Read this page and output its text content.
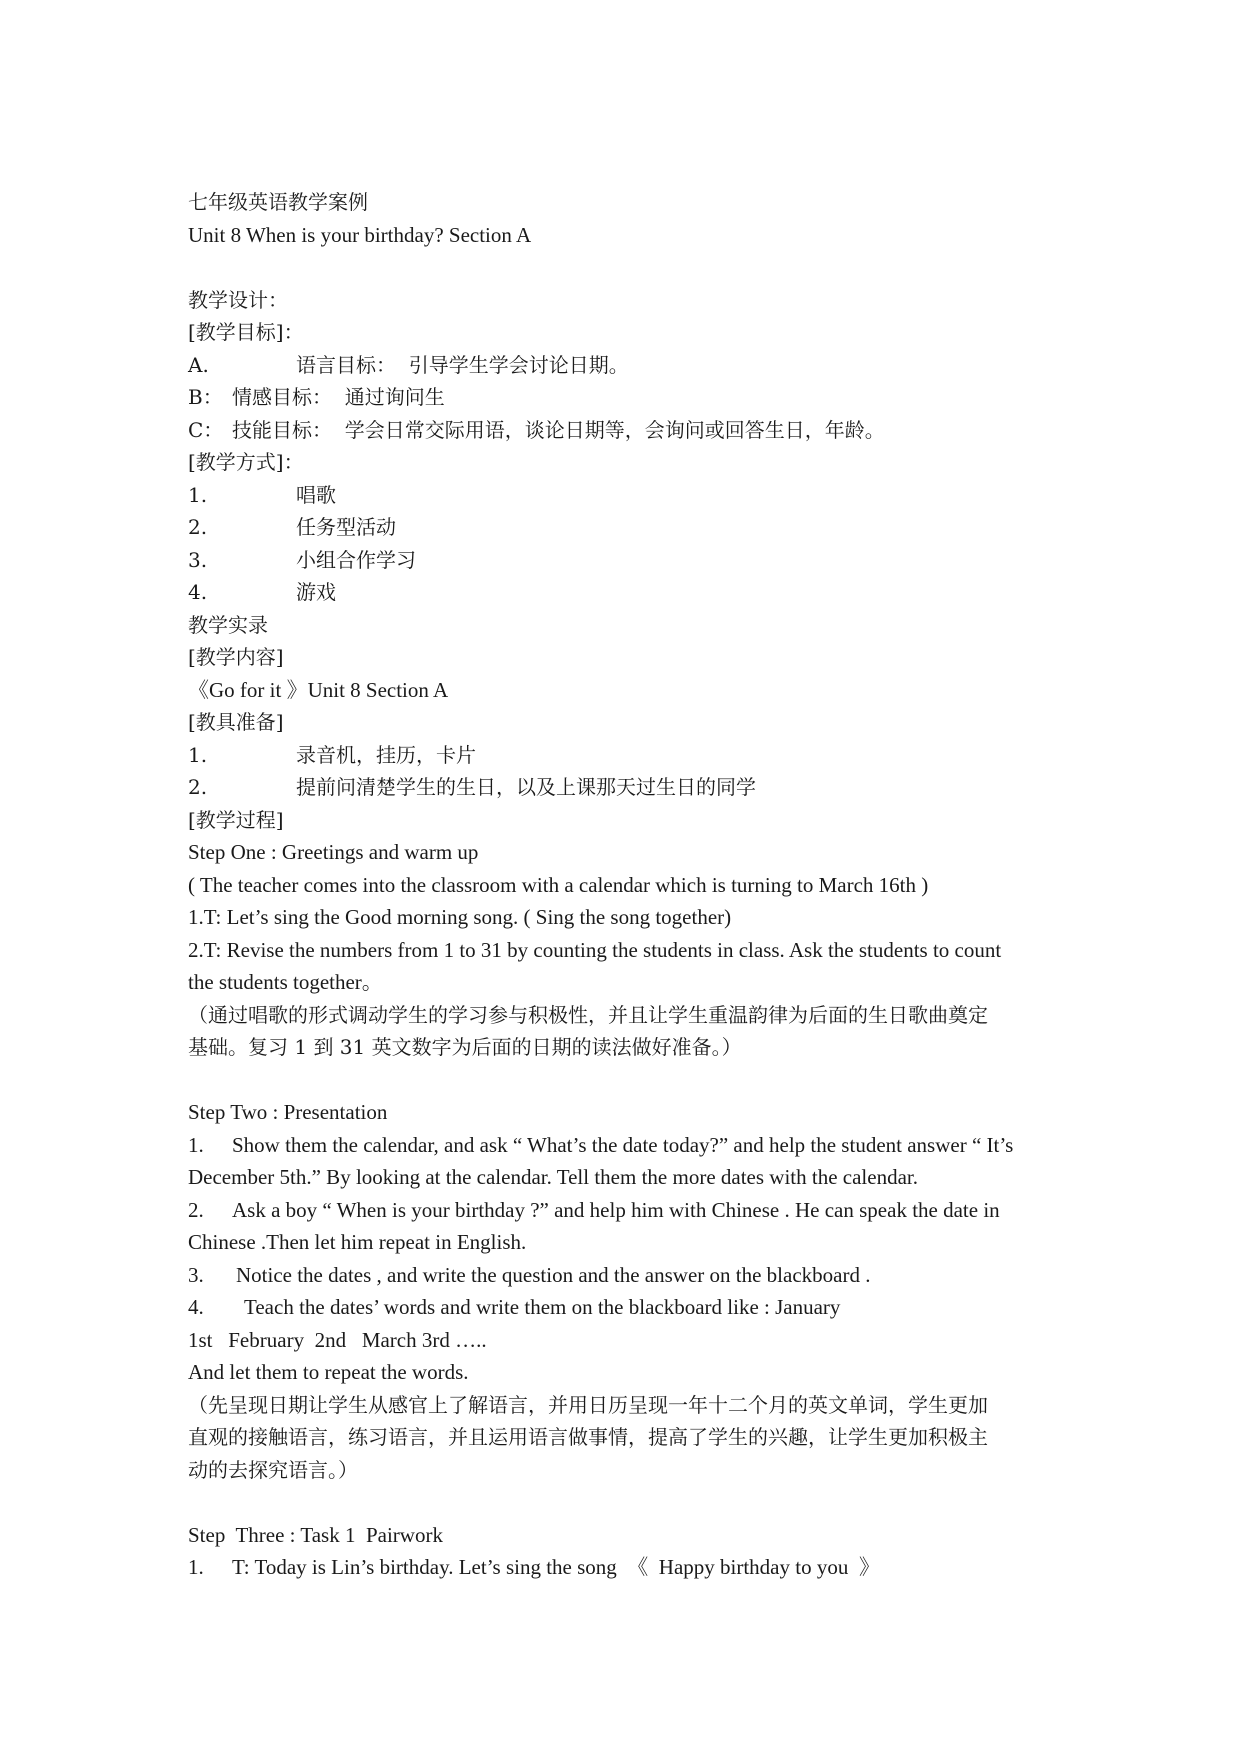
七年级英语教学案例
Unit 8 When is your birthday? Section A
教学设计：
[教学目标]：
A.	语言目标： 引导学生学会讨论日期。
B： 情感目标： 通过询问生
C： 技能目标： 学会日常交际用语，谈论日期等，会询问或回答生日，年龄。
[教学方式]：
1.	唱歌
2.	任务型活动
3.	小组合作学习
4.	游戏
教学实录
[教学内容]
《Go for it 》Unit 8 Section A
[教具准备]
1.	录音机，挂历，卡片
2.	提前问清楚学生的生日，以及上课那天过生日的同学
[教学过程]
Step One : Greetings and warm up
( The teacher comes into the classroom with a calendar which is turning to March 16th )
1.T: Let’s sing the Good morning song. ( Sing the song together)
2.T: Revise the numbers from 1 to 31 by counting the students in class. Ask the students to count
the students together。
（通过唱歌的形式调动学生的学习参与积极性，并且让学生重温韵律为后面的生日歌曲奠定
基础。复习 1 到 31 英文数字为后面的日期的读法做好准备。）
Step Two : Presentation
1. Show them the calendar, and ask “ What’s the date today?” and help the student answer “ It’s
December 5th.” By looking at the calendar. Tell them the more dates with the calendar.
2. Ask a boy “ When is your birthday ?” and help him with Chinese . He can speak the date in
Chinese .Then let him repeat in English.
3. Notice the dates , and write the question and the answer on the blackboard .
4. Teach the dates’ words and write them on the blackboard like : January
1st   February  2nd   March 3rd …..
And let them to repeat the words.
（先呈现日期让学生从感官上了解语言，并用日历呈现一年十二个月的英文单词，学生更加
直观的接触语言，练习语言，并且运用语言做事情，提高了学生的兴趣，让学生更加积极主
动的去探究语言。）
Step  Three : Task 1  Pairwork
1. T: Today is Lin’s birthday. Let’s sing the song  《  Happy birthday to you  》
